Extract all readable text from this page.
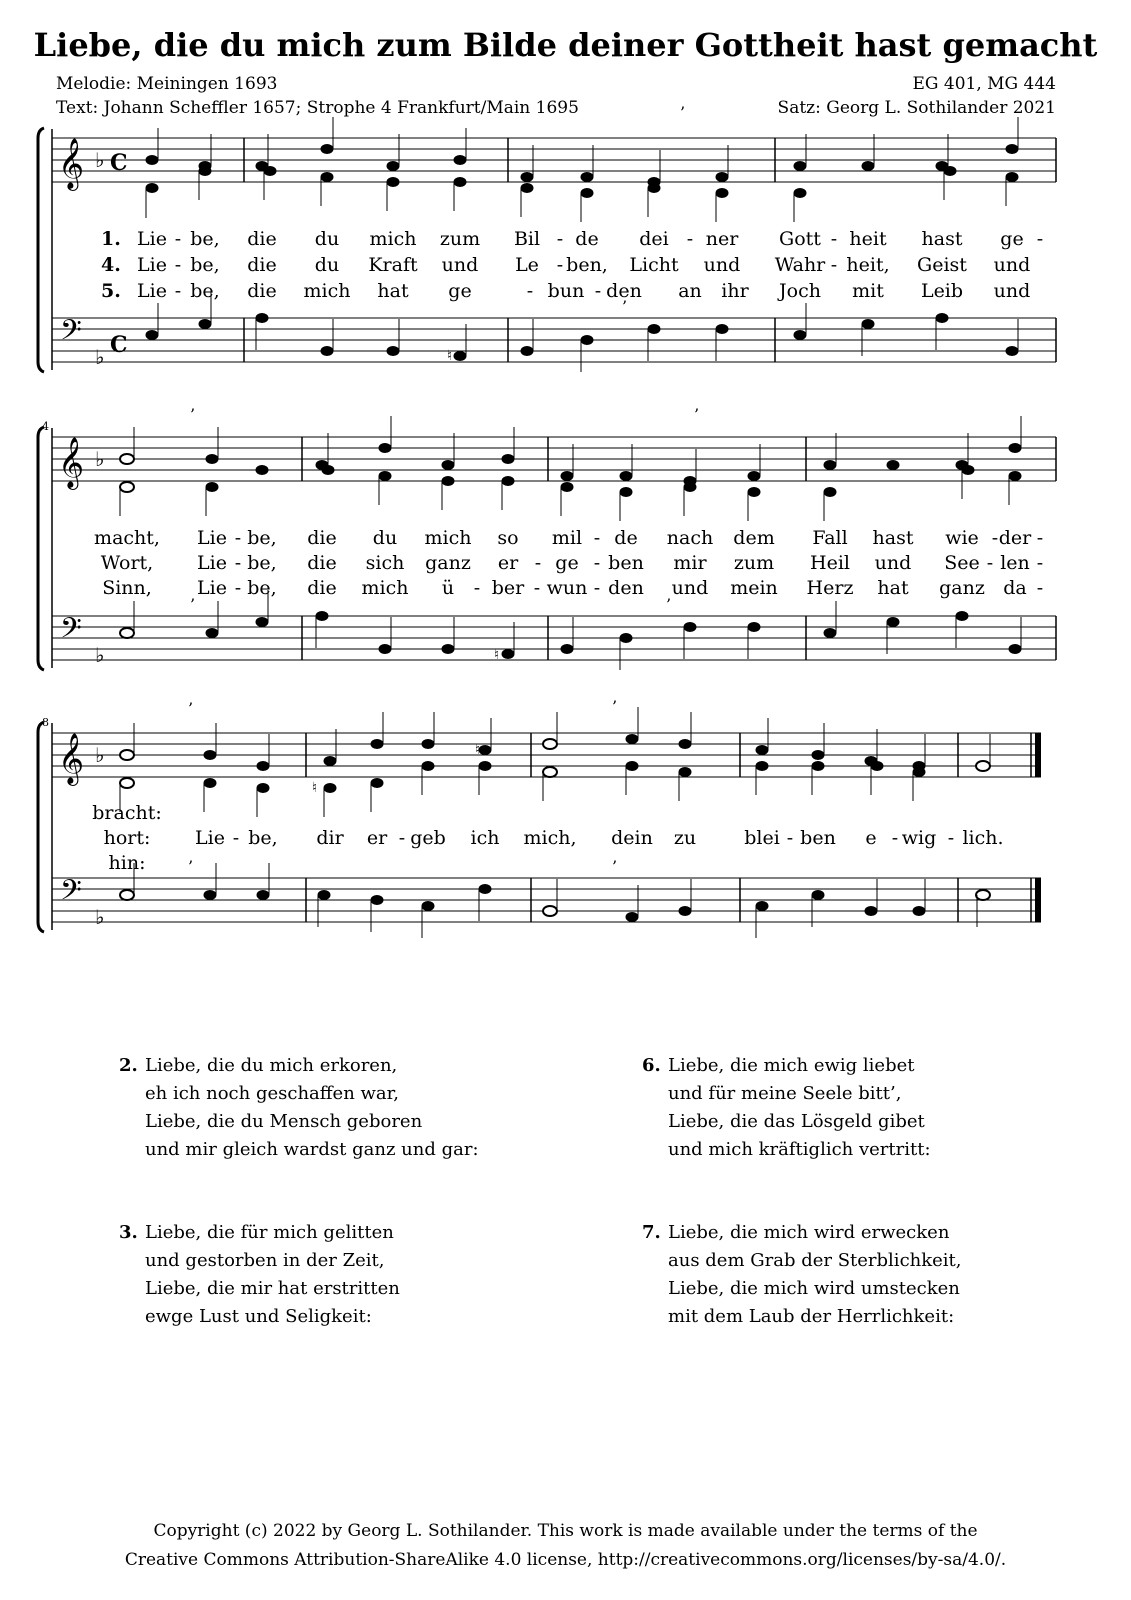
Liebe, die du mich zum Bilde deiner Gottheit hast gemacht
Melodie: Meiningen 1693
Text: Johann Scheffler 1657; Strophe 4 Frankfurt/Main 1695
EG 401, MG 444
Satz: Georg L. Sothilander 2021
𝄞
𝄢
♭
♭
C
C
’
♮
’
1.
4.
5.
4
𝄞
𝄢
♭
♭
’	’
♮
’	’
8
𝄞
𝄢
♭
♭
♮
♮
’	’
’	’
Lie - be, die du mich zum Bil - de dei - ner Gott - heit hast ge -
Lie - be, die du Kraft und Le - ben, Licht und Wahr - heit, Geist und
Lie - be, die mich hat ge	- bun - den an ihr Joch mit Leib und
macht, Lie - be, die du mich so mil - de nach dem Fall hast wie - der -
Wort, Lie - be, die sich ganz er - ge - ben mir zum Heil und See - len -
Sinn, Lie - be, die mich ü - ber - wun - den und mein Herz hat ganz da -
bracht:
hort: Lie - be, dir er - geb ich mich, dein zu	blei - ben e - wig - lich.
hin:
2. Liebe, die du mich erkoren,
eh ich noch geschaffen war,
Liebe, die du Mensch geboren
und mir gleich wardst ganz und gar:
6. Liebe, die mich ewig liebet
und für meine Seele bitt’,
Liebe, die das Lösgeld gibet
und mich kräftiglich vertritt:
3. Liebe, die für mich gelitten
und gestorben in der Zeit,
Liebe, die mir hat erstritten
ewge Lust und Seligkeit:
7. Liebe, die mich wird erwecken
aus dem Grab der Sterblichkeit,
Liebe, die mich wird umstecken
mit dem Laub der Herrlichkeit:
Copyright (c) 2022 by Georg L. Sothilander. This work is made available under the terms of the
Creative Commons Attribution-ShareAlike 4.0 license, http://creativecommons.org/licenses/by-sa/4.0/.
